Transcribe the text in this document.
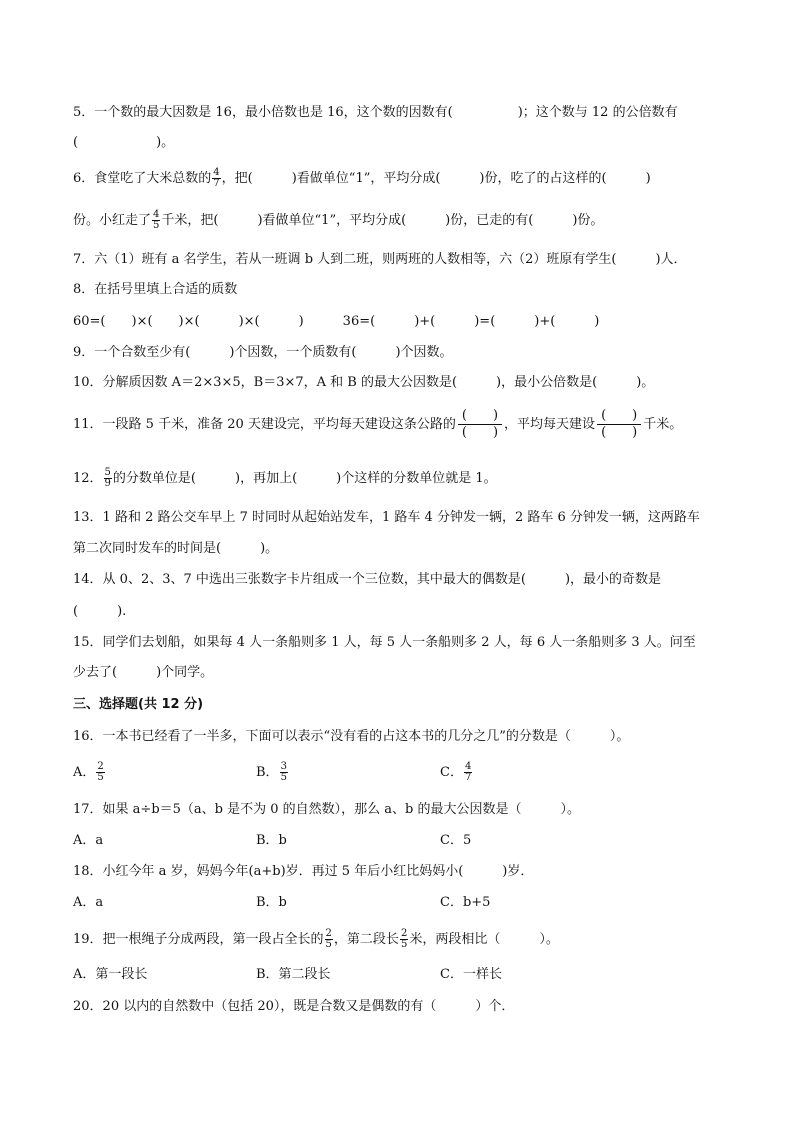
5．一个数的最大因数是 16，最小倍数也是 16，这个数的因数有(　　　　　)；这个数与 12 的公倍数有
(　　　　　　)。
6．食堂吃了大米总数的 $\frac{4}{7}$ ，把(　　　)看做单位“1”，平均分成(　　　)份，吃了的占这样的(　　　)
份。小红走了 $\frac{4}{5}$ 千米，把(　　　)看做单位“1”，平均分成(　　　)份，已走的有(　　　)份。
7．六（1）班有 a 名学生，若从一班调 b 人到二班，则两班的人数相等，六（2）班原有学生(　　　)人．
8．在括号里填上合适的质数
60=(　　)×(　　)×(　　　)×(　　　)　　　36=(　　　)+(　　　)=(　　　)+(　　　)
9．一个合数至少有(　　　)个因数，一个质数有(　　　)个因数。
10．分解质因数 A＝2×3×5，B＝3×7，A 和 B 的最大公因数是(　　　)，最小公倍数是(　　　)。
11．一段路 5 千米，准备 20 天建设完，平均每天建设这条公路的 $\frac{( )}{( )}$ ，平均每天建设 $\frac{( )}{( )}$ 千米。
12． $\frac{5}{9}$ 的分数单位是(　　　)，再加上(　　　)个这样的分数单位就是 1。
13．1 路和 2 路公交车早上 7 时同时从起始站发车，1 路车 4 分钟发一辆，2 路车 6 分钟发一辆，这两路车
第二次同时发车的时间是(　　　)。
14．从 0、2、3、7 中选出三张数字卡片组成一个三位数，其中最大的偶数是(　　　)，最小的奇数是
(　　　).
15．同学们去划船，如果每 4 人一条船则多 1 人，每 5 人一条船则多 2 人，每 6 人一条船则多 3 人。问至
少去了(　　　)个同学。
三、选择题(共 12 分)
16．一本书已经看了一半多，下面可以表示“没有看的占这本书的几分之几”的分数是（　　　）。
A． $\frac{2}{5}$	B． $\frac{3}{5}$	C． $\frac{4}{7}$
17．如果 a÷b＝5（a、b 是不为 0 的自然数），那么 a、b 的最大公因数是（　　　）。
A．a	B．b	C．5
18．小红今年 a 岁，妈妈今年(a+b)岁．再过 5 年后小红比妈妈小(　　　)岁．
A．a	B．b	C．b+5
19．把一根绳子分成两段，第一段占全长的 $\frac{2}{5}$ ，第二段长 $\frac{2}{5}$ 米，两段相比（　　　）。
A．第一段长	B．第二段长	C．一样长
20．20 以内的自然数中（包括 20），既是合数又是偶数的有（　　　）个．
